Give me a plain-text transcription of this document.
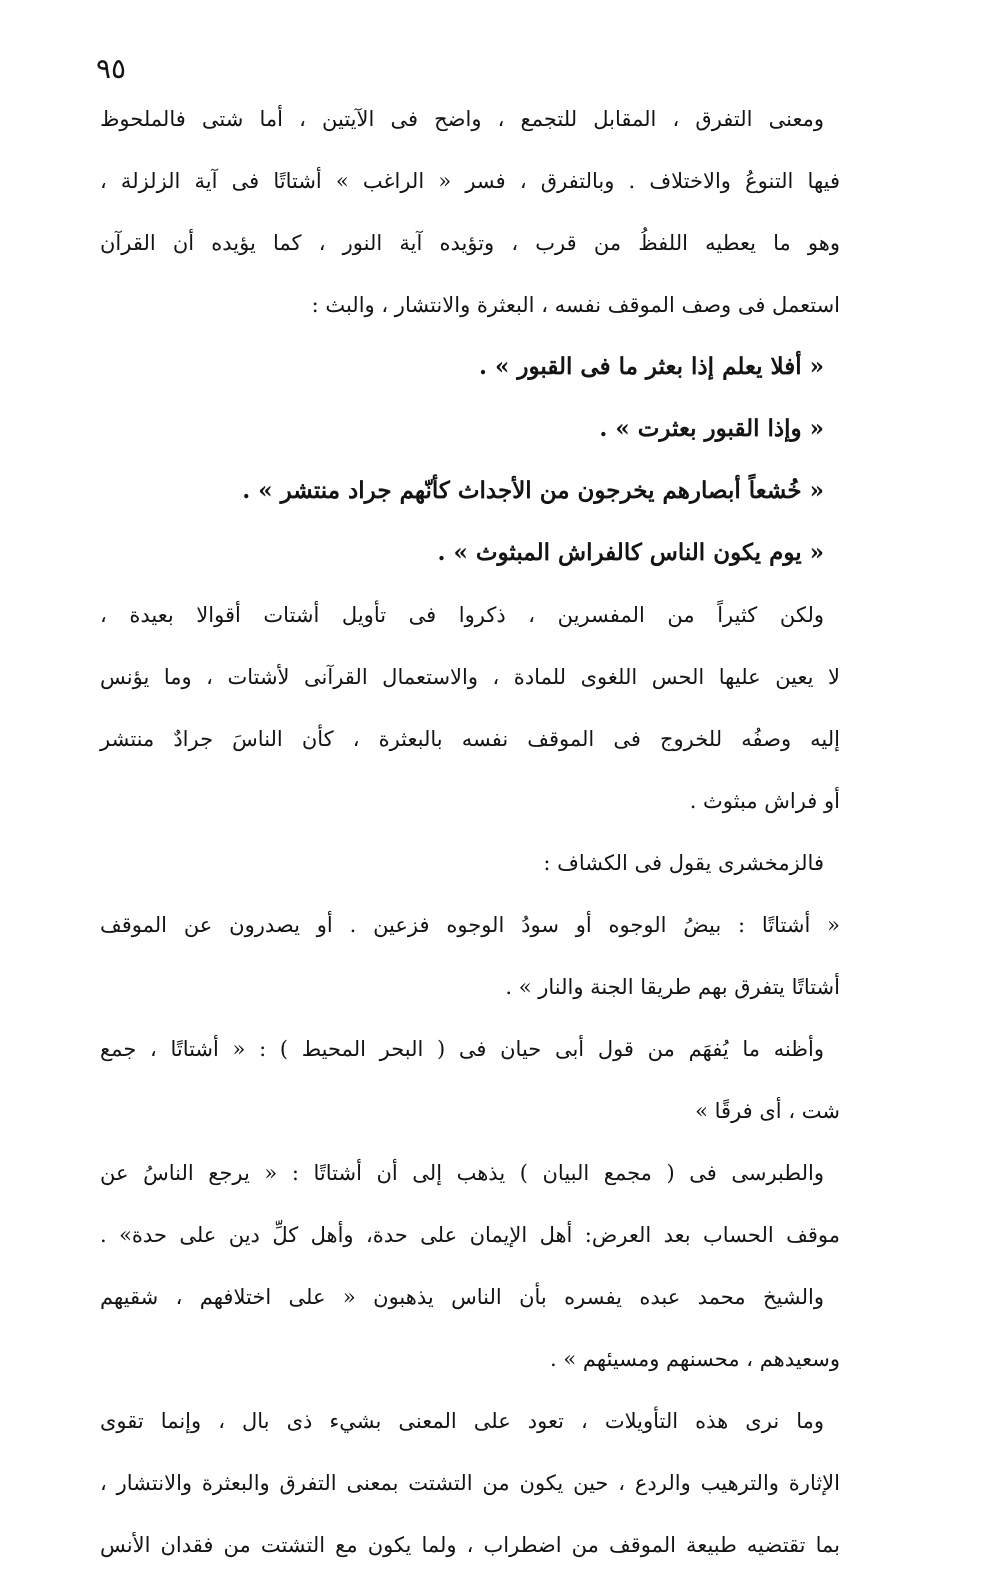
٩٥
ومعنى التفرق ، المقابل للتجمع ، واضح فى الآيتين ، أما شتى فالملحوظ
فيها التنوعُ والاختلاف . وبالتفرق ، فسر « الراغب » أشتاتًا فى آية الزلزلة ،
وهو ما يعطيه اللفظُ من قرب ، وتؤيده آية النور ، كما يؤيده أن القرآن
استعمل فى وصف الموقف نفسه ، البعثرة والانتشار ، والبث :
« أفلا يعلم إذا بعثر ما فى القبور » .
« وإذا القبور بعثرت » .
« خُشعاً أبصارهم يخرجون من الأجداث كأنّهم جراد منتشر » .
« يوم يكون الناس كالفراش المبثوث » .
ولكن كثيراً من المفسرين ، ذكروا فى تأويل أشتات أقوالا بعيدة ،
لا يعين عليها الحس اللغوى للمادة ، والاستعمال القرآنى لأشتات ، وما يؤنس
إليه وصفُه للخروج فى الموقف نفسه بالبعثرة ، كأن الناسَ جرادٌ منتشر
أو فراش مبثوث .
فالزمخشرى يقول فى الكشاف :
« أشتاتًا : بيضُ الوجوه أو سودُ الوجوه فزعين . أو يصدرون عن الموقف
أشتاتًا يتفرق بهم طريقا الجنة والنار » .
وأظنه ما يُفهَم من قول أبى حيان فى ( البحر المحيط ) : « أشتاتًا ، جمع
شت ، أى فرقًا »
والطبرسى فى ( مجمع البيان ) يذهب إلى أن أشتاتًا : « يرجع الناسُ عن
موقف الحساب بعد العرض: أهل الإيمان على حدة، وأهل كلِّ دين على حدة» .
والشيخ محمد عبده يفسره بأن الناس يذهبون « على اختلافهم ، شقيهم
وسعيدهم ، محسنهم ومسيئهم » .
وما نرى هذه التأويلات ، تعود على المعنى بشيء ذى بال ، وإنما تقوى
الإثارة والترهيب والردع ، حين يكون من التشتت بمعنى التفرق والبعثرة والانتشار ،
بما تقتضيه طبيعة الموقف من اضطراب ، ولما يكون مع التشتت من فقدان الأنس
